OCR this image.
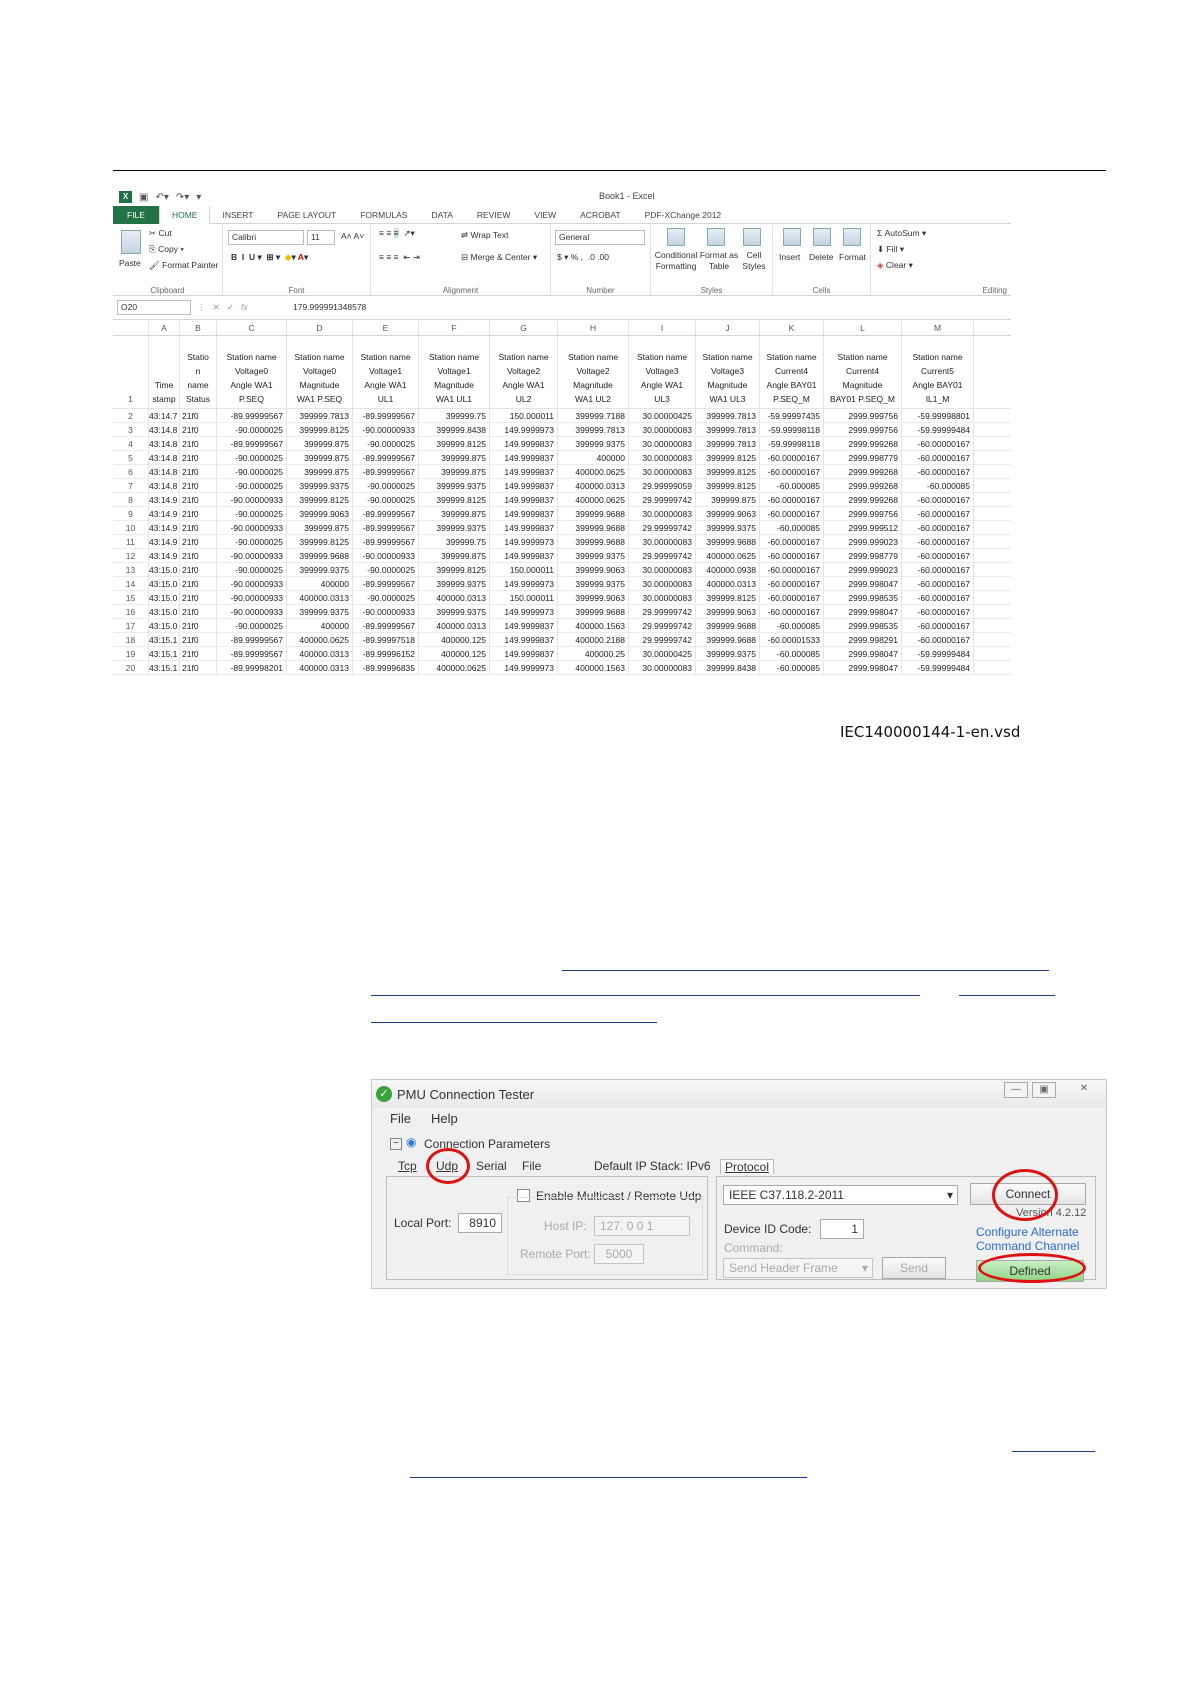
X	▣ ↶▾ ↷▾ ▾	Book1 - Excel
FILE	HOME	INSERT	PAGE LAYOUT	FORMULAS	DATA	REVIEW	VIEW	ACROBAT	PDF-XChange 2012
Paste
✂ Cut
⎘ Copy ▾
🖌 Format Painter
Clipboard
Calibri	11	A˄ A˅
B  I  U ▾  ⊞ ▾  ◆▾ A▾
Font
≡ ≡ ≡  ↗▾	⇌ Wrap Text
≡ ≡ ≡  ⇤ ⇥	⊟ Merge & Center ▾
Alignment
General
$ ▾ % ,  .0 .00
Number
Conditional Formatting
Format as Table
Cell Styles
Styles
Insert Delete Format
Cells
Σ AutoSum ▾
⬇ Fill ▾
◈ Clear ▾
Editing
O20	⋮   ✕   ✓   fx	179.999991348578
A	B	C	D	E	F	G	H	I	J	K	L	M
1
Time
stamp
Statio
n
name
Status
Station name
Voltage0
Angle WA1
P.SEQ
Station name
Voltage0
Magnitude
WA1 P.SEQ
Station name
Voltage1
Angle WA1
UL1
Station name
Voltage1
Magnitude
WA1 UL1
Station name
Voltage2
Angle WA1
UL2
Station name
Voltage2
Magnitude
WA1 UL2
Station name
Voltage3
Angle WA1
UL3
Station name
Voltage3
Magnitude
WA1 UL3
Station name
Current4
Angle BAY01
P.SEQ_M
Station name
Current4
Magnitude
BAY01 P.SEQ_M
Station name
Current5
Angle BAY01
IL1_M
2	43:14.7 21f0	-89.99999567	399999.7813	-89.99999567	399999.75	150.000011	399999.7188	30.00000425	399999.7813	-59.99997435	2999.999756	-59.99998801
3	43:14.8 21f0	-90.0000025	399999.8125	-90.00000933	399999.8438	149.9999973	399999.7813	30.00000083	399999.7813	-59.99998118	2999.999756	-59.99999484
4	43:14.8 21f0	-89.99999567	399999.875	-90.0000025	399999.8125	149.9999837	399999.9375	30.00000083	399999.7813	-59.99998118	2999.999268	-60.00000167
5	43:14.8 21f0	-90.0000025	399999.875	-89.99999567	399999.875	149.9999837	400000	30.00000083	399999.8125	-60.00000167	2999.998779	-60.00000167
6	43:14.8 21f0	-90.0000025	399999.875	-89.99999567	399999.875	149.9999837	400000.0625	30.00000083	399999.8125	-60.00000167	2999.999268	-60.00000167
7	43:14.8 21f0	-90.0000025	399999.9375	-90.0000025	399999.9375	149.9999837	400000.0313	29.99999059	399999.8125	-60.000085	2999.999268	-60.000085
8	43:14.9 21f0	-90.00000933	399999.8125	-90.0000025	399999.8125	149.9999837	400000.0625	29.99999742	399999.875	-60.00000167	2999.999268	-60.00000167
9	43:14.9 21f0	-90.0000025	399999.9063	-89.99999567	399999.875	149.9999837	399999.9688	30.00000083	399999.9063	-60.00000167	2999.999756	-60.00000167
10	43:14.9 21f0	-90.00000933	399999.875	-89.99999567	399999.9375	149.9999837	399999.9688	29.99999742	399999.9375	-60.000085	2999.999512	-60.00000167
11	43:14.9 21f0	-90.0000025	399999.8125	-89.99999567	399999.75	149.9999973	399999.9688	30.00000083	399999.9688	-60.00000167	2999.999023	-60.00000167
12	43:14.9 21f0	-90.00000933	399999.9688	-90.00000933	399999.875	149.9999837	399999.9375	29.99999742	400000.0625	-60.00000167	2999.998779	-60.00000167
13	43:15.0 21f0	-90.0000025	399999.9375	-90.0000025	399999.8125	150.000011	399999.9063	30.00000083	400000.0938	-60.00000167	2999.999023	-60.00000167
14	43:15.0 21f0	-90.00000933	400000	-89.99999567	399999.9375	149.9999973	399999.9375	30.00000083	400000.0313	-60.00000167	2999.998047	-60.00000167
15	43:15.0 21f0	-90.00000933	400000.0313	-90.0000025	400000.0313	150.000011	399999.9063	30.00000083	399999.8125	-60.00000167	2999.998535	-60.00000167
16	43:15.0 21f0	-90.00000933	399999.9375	-90.00000933	399999.9375	149.9999973	399999.9688	29.99999742	399999.9063	-60.00000167	2999.998047	-60.00000167
17	43:15.0 21f0	-90.0000025	400000	-89.99999567	400000.0313	149.9999837	400000.1563	29.99999742	399999.9688	-60.000085	2999.998535	-60.00000167
18	43:15.1 21f0	-89.99999567	400000.0625	-89.99997518	400000.125	149.9999837	400000.2188	29.99999742	399999.9688	-60.00001533	2999.998291	-60.00000167
19	43:15.1 21f0	-89.99999567	400000.0313	-89.99996152	400000.125	149.9999837	400000.25	30.00000425	399999.9375	-60.000085	2999.998047	-59.99999484
20	43:15.1 21f0	-89.99998201	400000.0313	-89.99996835	400000.0625	149.9999973	400000.1563	30.00000083	399999.8438	-60.000085	2999.998047	-59.99999484
IEC140000144-1-en.vsd
✓ PMU Connection Tester	—	▣	✕
File Help
− ◉ Connection Parameters
Tcp Udp Serial File	Default IP Stack: IPv6
Enable Multicast / Remote Udp
Local Port:	8910	Host IP:	127. 0 0 1
Remote Port:	5000
Protocol
IEEE C37.118.2-2011	▾
Device ID Code:	1
Command:
Send Header Frame ▾	Send
Connect
Version 4.2.12
Configure Alternate
Command Channel
Defined
